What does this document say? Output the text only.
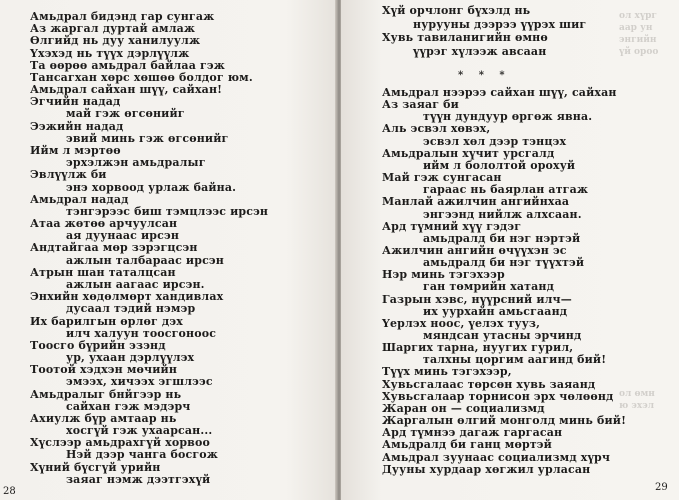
Амьдрал бидэнд гар сунгаж
Аз жаргал дуртай амлаж
Өлгийд нь дуу ханилуулж
Үхэхэд нь түүх дэрлүүлж
Та өөрөө амьдрал байлаа гэж
Тансагхан хөрс хөшөө болдог юм.
Амьдрал сайхан шүү, сайхан!
Эгчийн надад
май гэж өгсөнийг
Ээжийн надад
эвий минь гэж өгсөнийг
Ийм л мэртөө
эрхэлжэн амьдралыг
Эвлүүлж би
энэ хорвоод урлаж байна.
Амьдрал надад
тэнгэрээс биш тэмцлээс ирсэн
Атаа жөтөө арчуулсан
ая дуунаас ирсэн
Андтайгаа мөр зэрэгцсэн
ажлын талбараас ирсэн
Атрын шан таталцсан
ажлын аагаас ирсэн.
Энхийн хөдөлмөрт хандивлах
дусаал тэдий нэмэр
Их барилгын өрлөг дэх
илч халуун тоосгоноос
Тоосго бүрийн эзэнд
ур, ухаан дэрлүүлэх
Тоотой хэдхэн мөчийн
эмээх, хичээх эгшлээс
Амьдралыг бнйгээр нь
сайхан гэж мэдэрч
Ахиулж бүр амтаар нь
хосгүй гэж ухаарсан...
Хүслээр амьдрахгүй хорвоо
Нэй дээр чанга босгож
Хүний бүсгүй урийн
заяаг нэмж дээтгэхүй
28
ол хүрг
аар ун
энгийн
үй ороо
ол өмн
ю эхэл
Хүй орчлонг бүхэлд нь
нурууны дээрээ үүрэх шиг
Хувь тавиланигийн өмнө
үүрэг хүлээж авсаан
Амьдрал нээрээ сайхан шүү, сайхан
Аз заяаг би
түүн дундуур өргөж явна.
Аль эсвэл хөвэх,
эсвэл хөл дээр тэнцэх
Амьдралын хүчит урсгалд
ийм л бололтой орохуй
Май гэж сунгасан
гараас нь баярлан атгаж
Манлай ажилчин ангийнхаа
энгээнд нийлж алхсаан.
Ард түмний хүү гэдэг
амьдралд би нэг нэртэй
Ажилчин ангийн өчүүхэн эс
амьдралд би нэг түүхтэй
Нэр минь тэгэхээр
ган төмрийн хатанд
Газрын хэвс, нүүрсний илч—
их уурхайн амьсгаанд
Үерлэх ноос, үелэх тууз,
мяндсан утасны эрчинд
Шаргих тарна, нуугих гурил,
талхны цоргим аагинд бий!
Түүх минь тэгэхээр,
Хувьсгалаас төрсөн хувь заяанд
Хувьсгалаар торнисон эрх чөлөөнд
Жаран он — социализмд
Жаргалын өлгий монголд минь бий!
Ард түмнээ дагаж гаргасан
Амьдралд би ганц мөртэй
Амьдрал зуунаас социализмд хүрч
Дууны хурдаар хөгжил урласан
* * *
29
